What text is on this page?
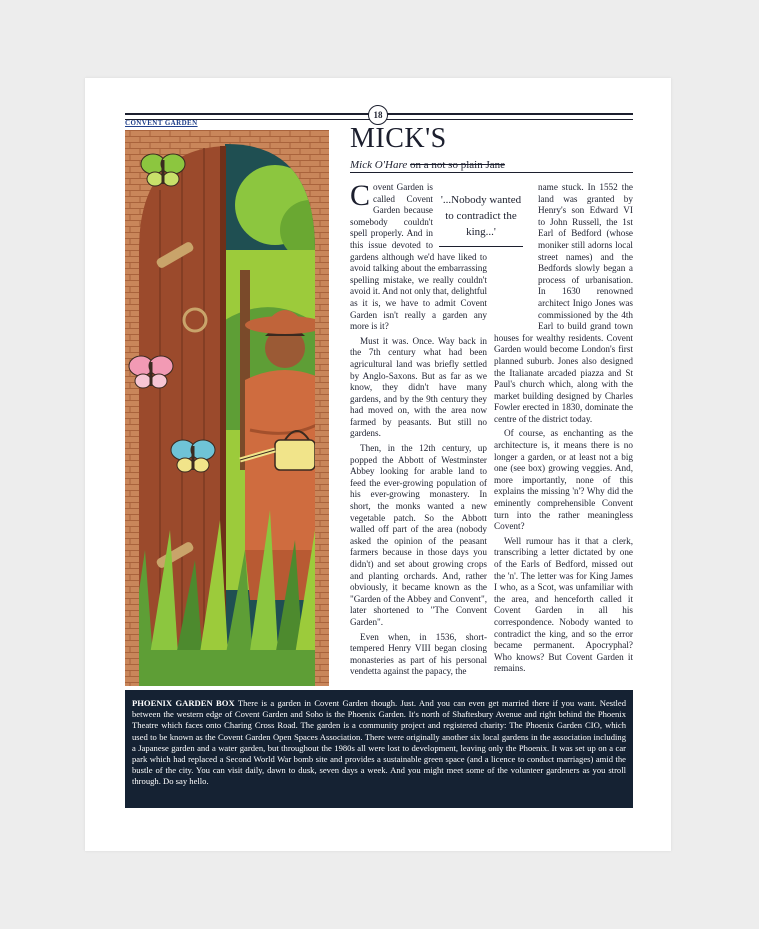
CONVENT GARDEN
18
MICK'S
Mick O'Hare on a not so plain Jane

C	'...Nobody wanted to contradict the king...'
ovent Garden is called Covent Garden because somebody couldn't spell properly. And in this issue devoted to gardens although we'd have liked to avoid talking about the embarrassing spelling mistake, we really couldn't avoid it. And not only that, delightful as it is, we have to admit Covent Garden isn't really a garden any more is it?

Must it was. Once. Way back in the 7th century what had been agricultural land was briefly settled by Anglo-Saxons. But as far as we know, they didn't have many gardens, and by the 9th century they had moved on, with the area now farmed by peasants. But still no gardens.

Then, in the 12th century, up popped the Abbott of Westminster Abbey looking for arable land to feed the ever-growing population of his ever-growing monastery. In short, the monks wanted a new vegetable patch. So the Abbott walled off part of the area (nobody asked the opinion of the peasant farmers because in those days you didn't) and set about growing crops and planting orchards. And, rather obviously, it became known as the "Garden of the Abbey and Convent", later shortened to "The Convent Garden".

Even when, in 1536, short-tempered Henry VIII began closing monasteries as part of his personal vendetta against the papacy, the

name stuck. In 1552 the land was granted by Henry's son Edward VI to John Russell, the 1st Earl of Bedford (whose moniker still adorns local street names) and the Bedfords slowly began a process of urbanisation. In 1630 renowned architect Inigo Jones was commissioned by the 4th Earl to build grand town houses for wealthy residents. Covent Garden would become London's first planned suburb. Jones also designed the Italianate arcaded piazza and St Paul's church which, along with the market building designed by Charles Fowler erected in 1830, dominate the centre of the district today.

Of course, as enchanting as the architecture is, it means there is no longer a garden, or at least not a big one (see box) growing veggies. And, more importantly, none of this explains the missing 'n'? Why did the eminently comprehensible Convent turn into the rather meaningless Covent?

Well rumour has it that a clerk, transcribing a letter dictated by one of the Earls of Bedford, missed out the 'n'. The letter was for King James I who, as a Scot, was unfamiliar with the area, and henceforth called it Covent Garden in all his correspondence. Nobody wanted to contradict the king, and so the error became permanent. Apocryphal? Who knows? But Covent Garden it remains.

PHOENIX GARDEN BOX There is a garden in Covent Garden though. Just. And you can even get married there if you want. Nestled between the western edge of Covent Garden and Soho is the Phoenix Garden. It's north of Shaftesbury Avenue and right behind the Phoenix Theatre which faces onto Charing Cross Road. The garden is a community project and registered charity: The Phoenix Garden CIO, which used to be known as the Covent Garden Open Spaces Association. There were originally another six local gardens in the association including a Japanese garden and a water garden, but throughout the 1980s all were lost to development, leaving only the Phoenix. It was set up on a car park which had replaced a Second World War bomb site and provides a sustainable green space (and a licence to conduct marriages) amid the bustle of the city. You can visit daily, dawn to dusk, seven days a week. And you might meet some of the volunteer gardeners as you stroll through. Do say hello.
